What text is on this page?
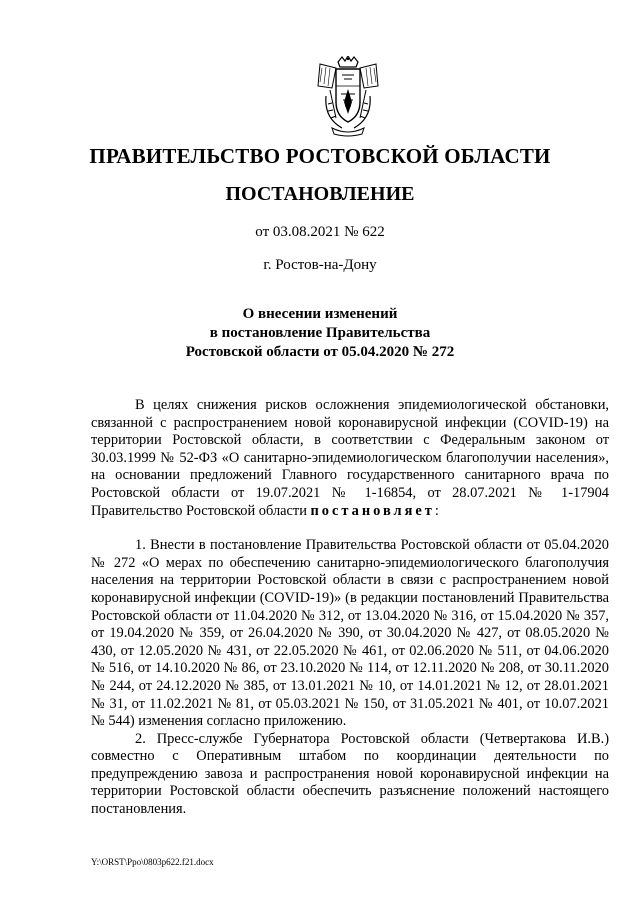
ПРАВИТЕЛЬСТВО РОСТОВСКОЙ ОБЛАСТИ
ПОСТАНОВЛЕНИЕ
от 03.08.2021 № 622
г. Ростов-на-Дону
О внесении изменений
в постановление Правительства
Ростовской области от 05.04.2020 № 272

В целях снижения рисков осложнения эпидемиологической обстановки, связанной с распространением новой коронавирусной инфекции (COVID-19) на территории Ростовской области, в соответствии с Федеральным законом от 30.03.1999 № 52-ФЗ «О санитарно-эпидемиологическом благополучии населения», на основании предложений Главного государственного санитарного врача по Ростовской области от 19.07.2021 № 1-16854, от 28.07.2021 № 1-17904 Правительство Ростовской области постановляет:

1. Внести в постановление Правительства Ростовской области от 05.04.2020 № 272 «О мерах по обеспечению санитарно-эпидемиологического благополучия населения на территории Ростовской области в связи с распространением новой коронавирусной инфекции (COVID-19)» (в редакции постановлений Правительства Ростовской области от 11.04.2020 № 312, от 13.04.2020 № 316, от 15.04.2020 № 357, от 19.04.2020 № 359, от 26.04.2020 № 390, от 30.04.2020 № 427, от 08.05.2020 № 430, от 12.05.2020 № 431, от 22.05.2020 № 461, от 02.06.2020 № 511, от 04.06.2020 № 516, от 14.10.2020 № 86, от 23.10.2020 № 114, от 12.11.2020 № 208, от 30.11.2020 № 244, от 24.12.2020 № 385, от 13.01.2021 № 10, от 14.01.2021 № 12, от 28.01.2021 № 31, от 11.02.2021 № 81, от 05.03.2021 № 150, от 31.05.2021 № 401, от 10.07.2021 № 544) изменения согласно приложению.

2. Пресс-службе Губернатора Ростовской области (Четвертакова И.В.) совместно с Оперативным штабом по координации деятельности по предупреждению завоза и распространения новой коронавирусной инфекции на территории Ростовской области обеспечить разъяснение положений настоящего постановления.

Y:\ORST\Ppo\0803p622.f21.docx
